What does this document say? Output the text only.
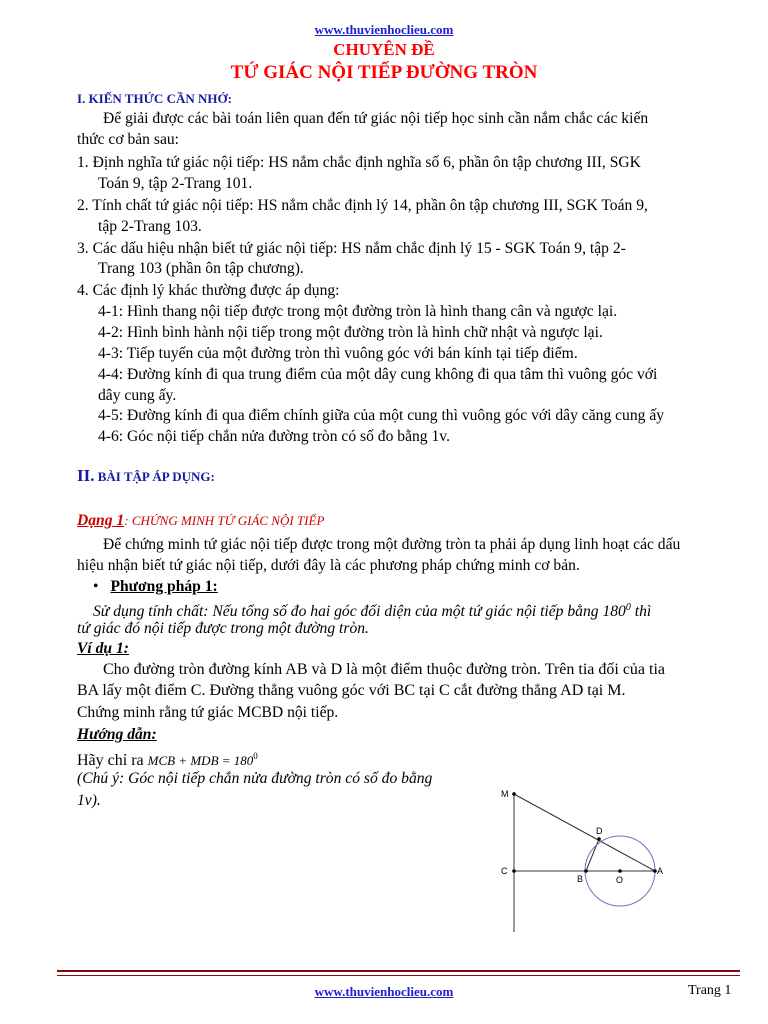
www.thuvienhoclieu.com
CHUYÊN ĐỀ
TỨ GIÁC NỘI TIẾP ĐƯỜNG TRÒN
I. KIẾN THỨC CẦN NHỚ:
Để giải được các bài toán liên quan đến tứ giác nội tiếp học sinh cần nắm chắc các kiến
thức cơ bản sau:
1. Định nghĩa tứ giác nội tiếp: HS nắm chắc định nghĩa số 6, phần ôn tập chương III, SGK
Toán 9, tập 2-Trang 101.
2. Tính chất tứ giác nội tiếp: HS nắm chắc định lý 14, phần ôn tập chương III, SGK Toán 9,
tập 2-Trang 103.
3. Các dấu hiệu nhận biết tứ giác nội tiếp: HS nắm chắc định lý 15 - SGK Toán 9, tập 2-
Trang 103 (phần ôn tập chương).
4. Các định lý khác thường được áp dụng:
4-1: Hình thang nội tiếp được trong một đường tròn là hình thang cân và ngược lại.
4-2: Hình bình hành nội tiếp trong một đường tròn là hình chữ nhật và ngược lại.
4-3: Tiếp tuyến của một đường tròn thì vuông góc với bán kính tại tiếp điểm.
4-4: Đường kính đi qua trung điểm của một dây cung không đi qua tâm thì vuông góc với
dây cung ấy.
4-5: Đường kính đi qua điểm chính giữa của một cung thì vuông góc với dây căng cung ấy
4-6: Góc nội tiếp chắn nửa đường tròn có số đo bằng 1v.
II. BÀI TẬP ÁP DỤNG:
Dạng 1: CHỨNG MINH TỨ GIÁC NỘI TIẾP
Để chứng minh tứ giác nội tiếp được trong một đường tròn ta phải áp dụng linh hoạt các dấu
hiệu nhận biết tứ giác nội tiếp, dưới đây là các phương pháp chứng minh cơ bản.
• Phương pháp 1:
Sử dụng tính chất: Nếu tổng số đo hai góc đối diện của một tứ giác nội tiếp bằng $180^0$ thì
tứ giác đó nội tiếp được trong một đường tròn.
Ví dụ 1:
Cho đường tròn đường kính AB và D là một điểm thuộc đường tròn. Trên tia đối của tia
BA lấy một điểm C. Đường thẳng vuông góc với BC tại C cắt đường thẳng AD tại M.
Chứng minh rằng tứ giác MCBD nội tiếp.
Hướng dẫn:
Hãy chỉ ra MCB + MDB = $180^0$
(Chú ý: Góc nội tiếp chắn nửa đường tròn có số đo bằng
1v).	M
D
C
B	O
A
www.thuvienhoclieu.com	Trang 1
